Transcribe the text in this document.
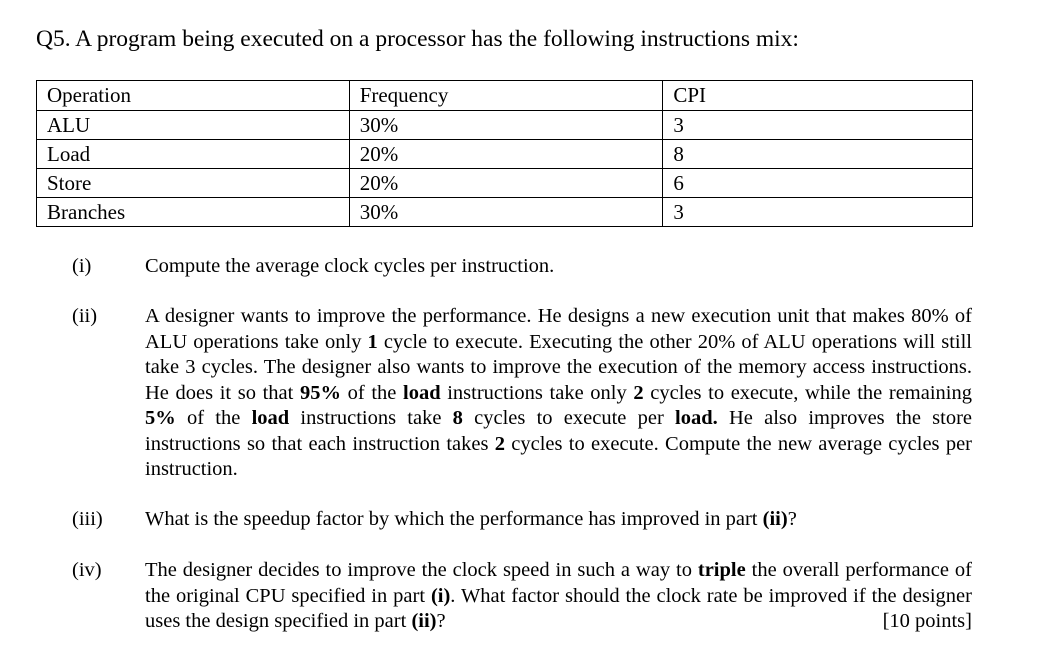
Q5. A program being executed on a processor has the following instructions mix:
Operation	Frequency	CPI
ALU	30%	3
Load	20%	8
Store	20%	6
Branches	30%	3
(i)	Compute the average clock cycles per instruction.
(ii)	A designer wants to improve the performance. He designs a new execution unit that makes 80% of ALU operations take only 1 cycle to execute. Executing the other 20% of ALU operations will still take 3 cycles. The designer also wants to improve the execution of the memory access instructions. He does it so that 95% of the load instructions take only 2 cycles to execute, while the remaining 5% of the load instructions take 8 cycles to execute per load. He also improves the store instructions so that each instruction takes 2 cycles to execute. Compute the new average cycles per instruction.
(iii)	What is the speedup factor by which the performance has improved in part (ii)?
(iv)	The designer decides to improve the clock speed in such a way to triple the overall performance of the original CPU specified in part (i). What factor should the clock rate be improved if the designer uses the design specified in part (ii)?	[10 points]
